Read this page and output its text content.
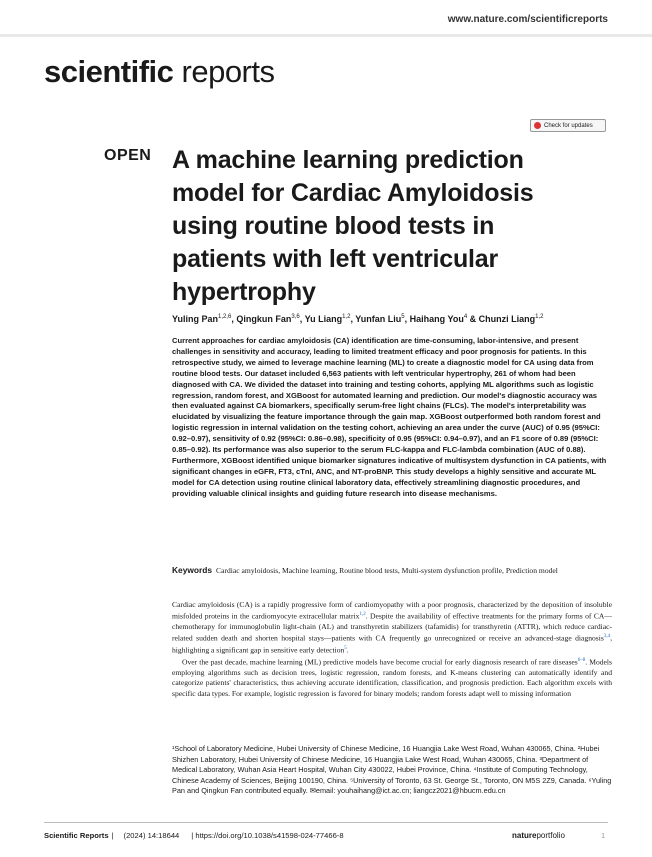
www.nature.com/scientificreports
scientific reports
Check for updates
OPEN A machine learning prediction model for Cardiac Amyloidosis using routine blood tests in patients with left ventricular hypertrophy
Yuling Pan$^{1,2,6}$, Qingkun Fan$^{3,6}$, Yu Liang$^{1,2}$, Yunfan Liu$^5$, Haihang You$^4$ & Chunzi Liang$^{1,2}$

Current approaches for cardiac amyloidosis (CA) identification are time-consuming, labor-intensive, and present challenges in sensitivity and accuracy, leading to limited treatment efficacy and poor prognosis for patients. In this retrospective study, we aimed to leverage machine learning (ML) to create a diagnostic model for CA using data from routine blood tests. Our dataset included 6,563 patients with left ventricular hypertrophy, 261 of whom had been diagnosed with CA. We divided the dataset into training and testing cohorts, applying ML algorithms such as logistic regression, random forest, and XGBoost for automated learning and prediction. Our model's diagnostic accuracy was then evaluated against CA biomarkers, specifically serum-free light chains (FLCs). The model's interpretability was elucidated by visualizing the feature importance through the gain map. XGBoost outperformed both random forest and logistic regression in internal validation on the testing cohort, achieving an area under the curve (AUC) of 0.95 (95%CI: 0.92–0.97), sensitivity of 0.92 (95%CI: 0.86–0.98), specificity of 0.95 (95%CI: 0.94–0.97), and an F1 score of 0.89 (95%CI: 0.85–0.92). Its performance was also superior to the serum FLC-kappa and FLC-lambda combination (AUC of 0.88). Furthermore, XGBoost identified unique biomarker signatures indicative of multisystem dysfunction in CA patients, with significant changes in eGFR, FT3, cTnI, ANC, and NT-proBNP. This study develops a highly sensitive and accurate ML model for CA detection using routine clinical laboratory data, effectively streamlining diagnostic procedures, and providing valuable clinical insights and guiding future research into disease mechanisms.

Keywords Cardiac amyloidosis, Machine learning, Routine blood tests, Multi-system dysfunction profile, Prediction model

Cardiac amyloidosis (CA) is a rapidly progressive form of cardiomyopathy with a poor prognosis, characterized by the deposition of insoluble misfolded proteins in the cardiomyocyte extracellular matrix$^{1,2}$. Despite the availability of effective treatments for the primary forms of CA—chemotherapy for immunoglobulin light-chain (AL) and transthyretin stabilizers (tafamidis) for transthyretin (ATTR), which reduce cardiac-related sudden death and shorten hospital stays—patients with CA frequently go unrecognized or receive an advanced-stage diagnosis$^{3,4}$, highlighting a significant gap in sensitive early detection$^5$.

Over the past decade, machine learning (ML) predictive models have become crucial for early diagnosis research of rare diseases$^{6-8}$. Models employing algorithms such as decision trees, logistic regression, random forests, and K-means clustering can automatically identify and categorize patients' characteristics, thus achieving accurate identification, classification, and prognosis prediction. Each algorithm excels with specific data types. For example, logistic regression is favored for binary models; random forests adapt well to missing information

¹School of Laboratory Medicine, Hubei University of Chinese Medicine, 16 Huangjia Lake West Road, Wuhan 430065, China. ²Hubei Shizhen Laboratory, Hubei University of Chinese Medicine, 16 Huangjia Lake West Road, Wuhan 430065, China. ³Department of Medical Laboratory, Wuhan Asia Heart Hospital, Wuhan City 430022, Hubei Province, China. ⁴Institute of Computing Technology, Chinese Academy of Sciences, Beijing 100190, China. ⁵University of Toronto, 63 St. George St., Toronto, ON M5S 2Z9, Canada. ⁶Yuling Pan and Qingkun Fan contributed equally. ✉email: youhaihang@ict.ac.cn; liangcz2021@hbucm.edu.cn
Scientific Reports | (2024) 14:18644 | https://doi.org/10.1038/s41598-024-77466-8	natureportfolio	1
